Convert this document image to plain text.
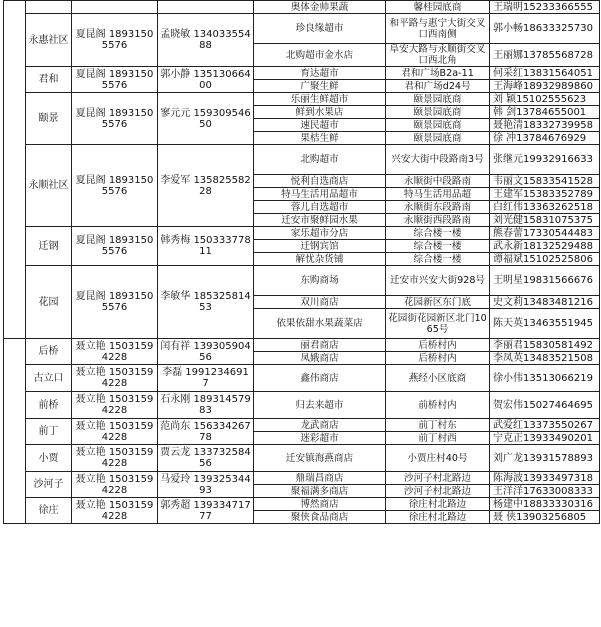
				奥体金帅果蔬	馨桂园底商	王瑞明15233366555
	永惠社区	夏昆阁 18931505576	孟晓敏 13403355488	珍良缘超市	和平路与惠宁大街交叉口西南侧	郭小畅18633325730
				北购超市金水店	阜安大路与永顺街交叉口西北角	王丽娜13785568728
	君和	夏昆阁 18931505576	郭小静 13513066400	育达超市	君和广场B2a-11	何采红13831564051
				广聚生鲜	君和广场d24号	王海峰18932989860
	颐景	夏昆阁 18931505576	寥元元 15930954650	乐丽生鲜超市	颐景园底商	刘 颖15102555623
				鲜到水果店	颐景园底商	韩 剑13784655001
				速民超市	颐景园底商	聂艳清18332739958
				果桔生鲜	颐景园底商	徐 冲13784676929
	永顺社区	夏昆阁 18931505576	李爱军 13582558228	北购超市	兴安大街中段路南3号	张继元19932916633
				悦利自选商店	永顺街中段路南	韦丽文15833541528
				特马生活用品超市	特马生活用品超	王建军15383352789
				蓉儿自选超市	永顺街东段路南	白红伟13363262518
				迁安市聚鲜园水果	永顺街西段路南	刘光健15831075375
	迁钢	夏昆阁 18931505576	韩秀梅 15033377811	家乐超市分店	综合楼一楼	熊春蕾17330544483
				迁钢宾馆	综合楼一楼	武永新18132529488
				解忧杂货铺	综合楼一楼	谭福斌15102525806
	花园	夏昆阁 18931505576	李敏华 18532581453	东购商场	迁安市兴安大街928号	王明星19831566676
				双川商店	花园新区东门底	史文莉13483481216
				依果依甜水果蔬菜店	花园街花园新区北门1065号	陈天英13463551945
	后桥	聂立艳 15031594228	闰有祥 13930590456	丽君商店	后桥村内	李丽君15830581492
				凤娥商店	后桥村内	李凤英13483521508
	古立口	聂立艳 15031594228	李磊 19912346917	鑫伟商店	燕经小区底商	徐小伟13513066219
	前桥	聂立艳 15031594228	石永刚 18931457983	归去来超市	前桥村内	贺宏伟15027464695
	前丁	聂立艳 15031594228	范尚东 15633426778	龙武商店	前丁村东	武爱红13373550267
				迷彩超市	前丁村西	宁克正13933490201
	小贾	聂立艳 15031594228	贾云龙 13373258456	迁安镇海燕商店	小贾庄村40号	刘广龙13931578893
	沙河子	聂立艳 15031594228	马爱玲 13932534493	鼎瑞昌商店	沙河子村北路边	陈海波13933497318
				聚福满多商店	沙河子村北路边	王洋洋17633008333
	徐庄	聂立艳 15031594228	郭秀超 13933471777	博然商店	徐庄村北路边	杨建中18833330316
				聚侠食品商店	徐庄村北路边	聂 侠13903256805
